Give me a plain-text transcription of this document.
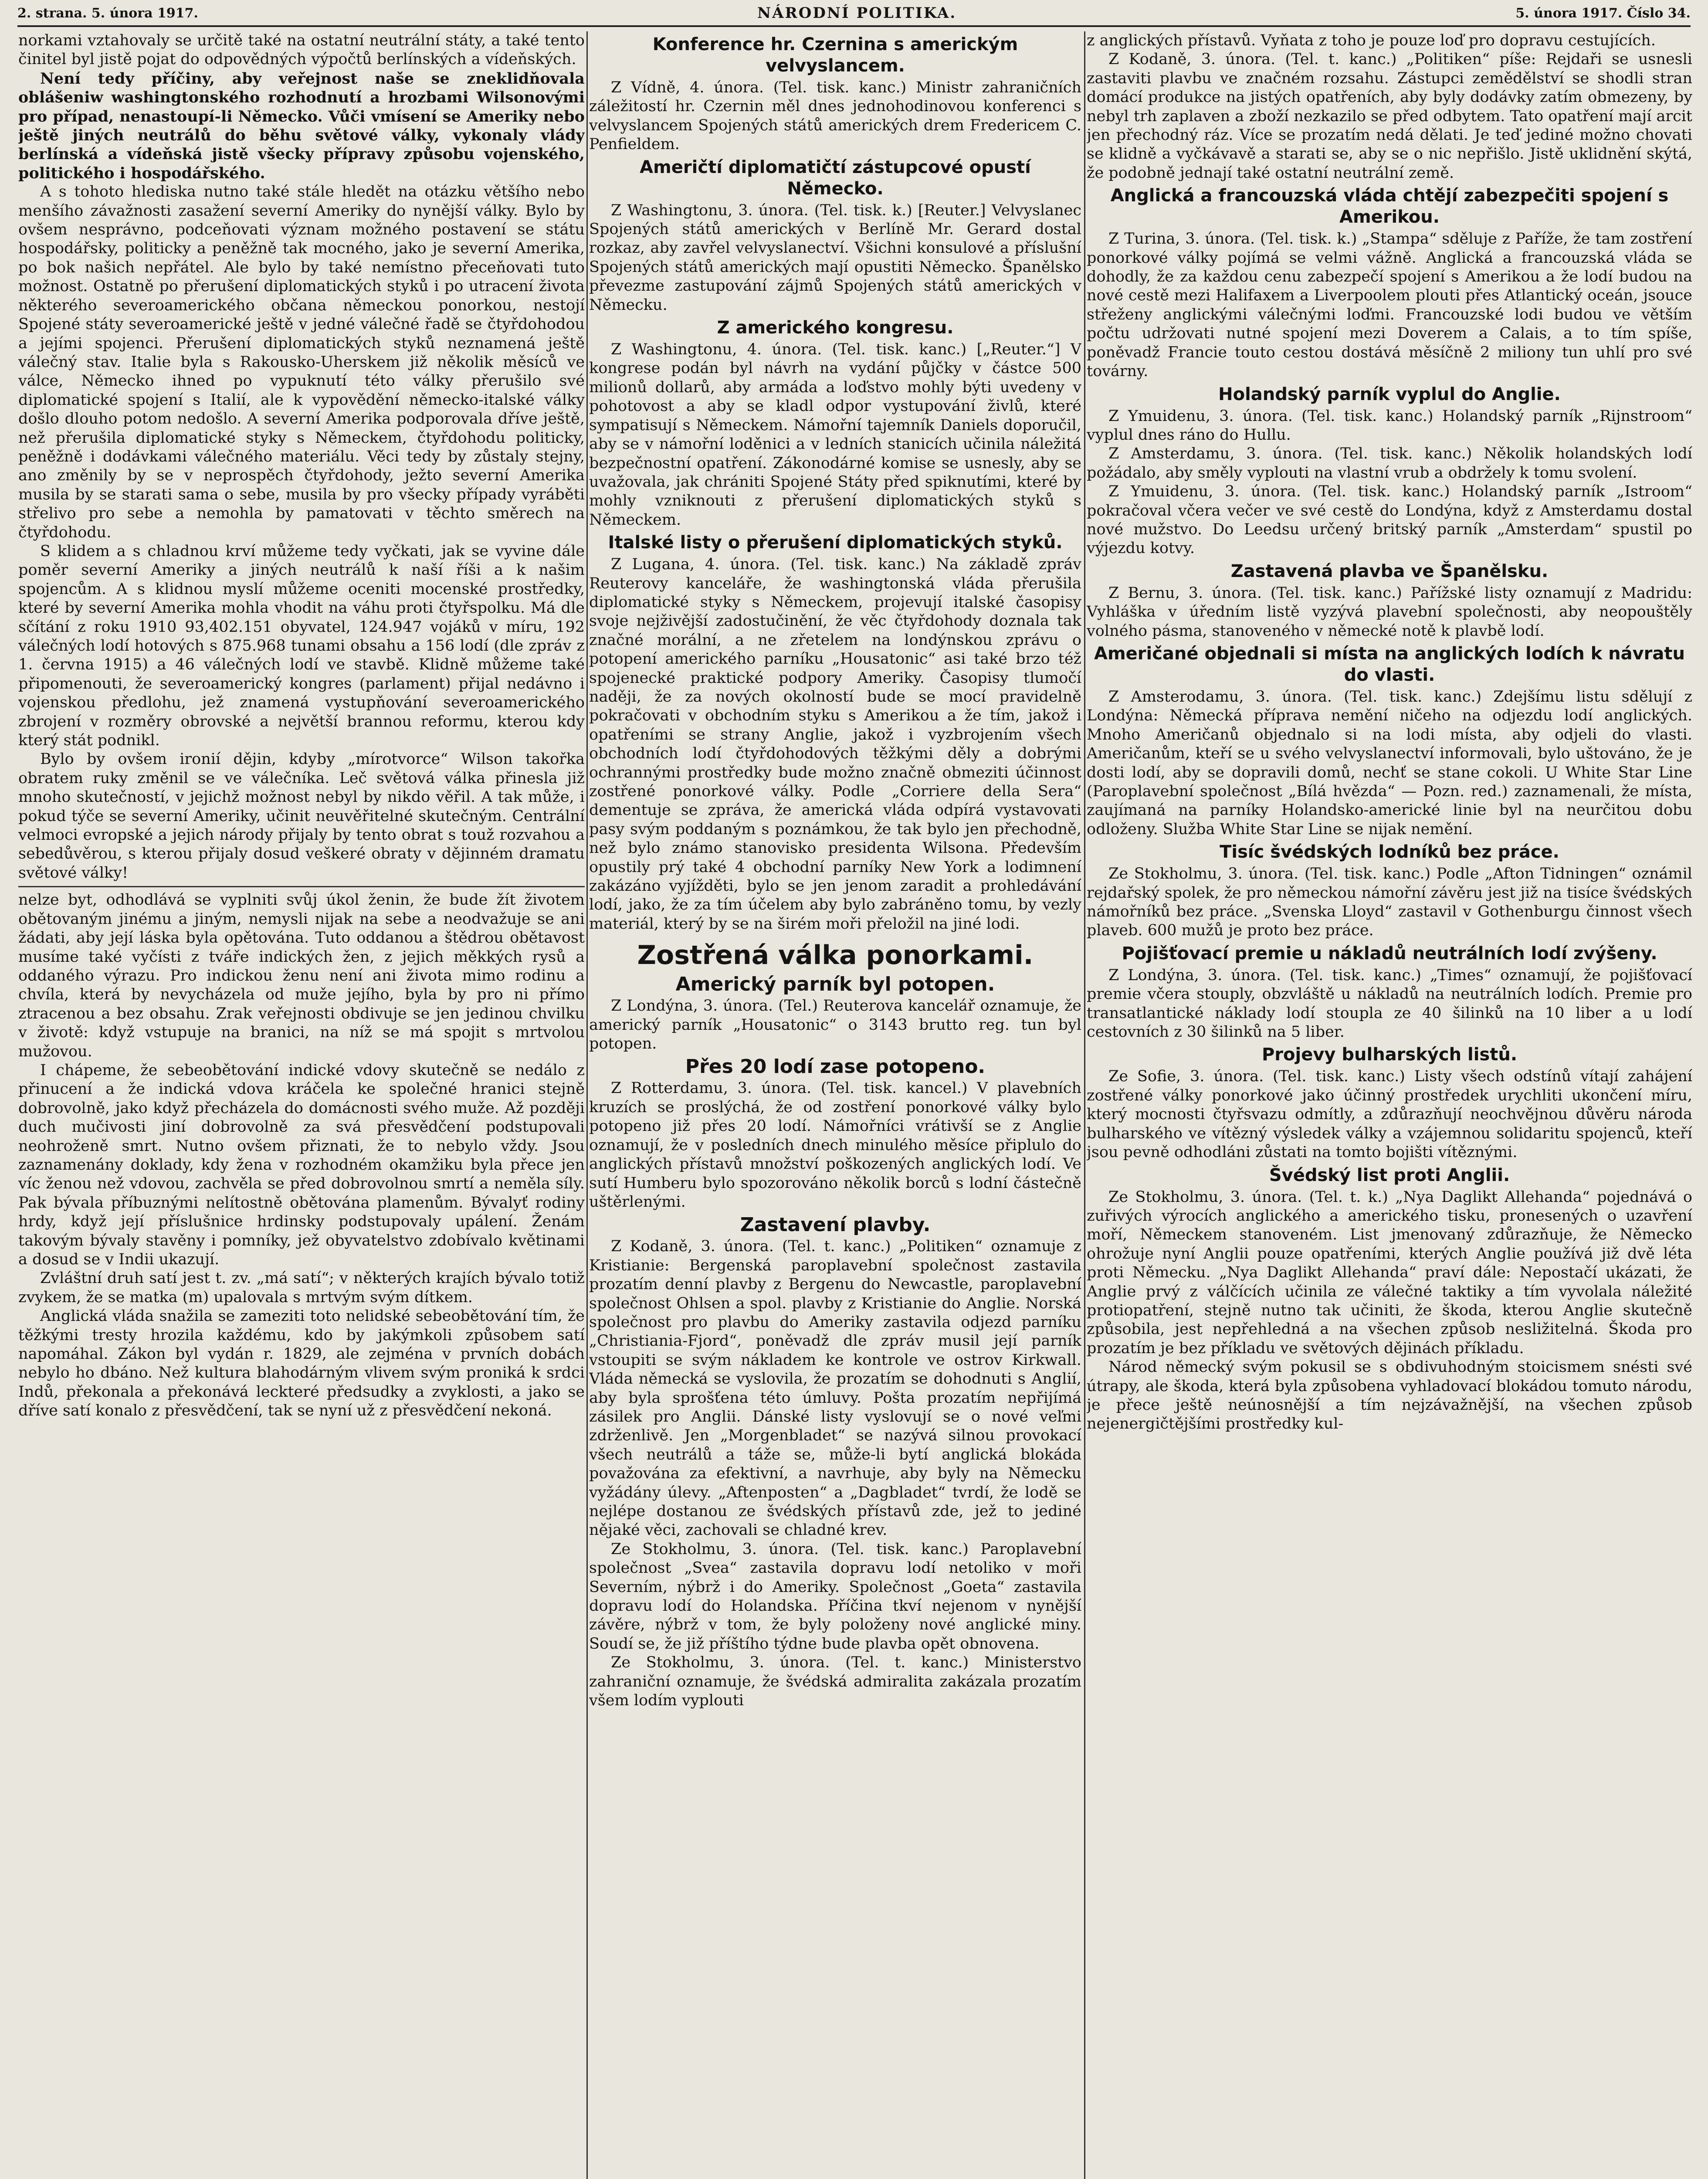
2. strana. 5. února 1917.	NÁRODNÍ POLITIKA.	5. února 1917. Číslo 34.

norkami vztahovaly se určitě také na ostatní neutrální státy, a také tento činitel byl jistě pojat do odpovědných výpočtů berlínských a vídeňských.

Není tedy příčiny, aby veřejnost naše se zneklidňovala oblášeniw washingtonského rozhodnutí a hrozbami Wilsonovými pro případ, nenastoupí-li Německo. Vůči vmísení se Ameriky nebo ještě jiných neutrálů do běhu světové války, vykonaly vlády berlínská a vídeňská jistě všecky přípravy způsobu vojenského, politického i hospodářského.

A s tohoto hlediska nutno také stále hledět na otázku většího nebo menšího závažnosti zasažení severní Ameriky do nynější války. Bylo by ovšem nesprávno, podceňovati význam možného postavení se státu hospodářsky, politicky a peněžně tak mocného, jako je severní Amerika, po bok našich nepřátel. Ale bylo by také nemístno přeceňovati tuto možnost. Ostatně po přerušení diplomatických styků i po utracení života některého severoamerického občana německou ponorkou, nestojí Spojené státy severoamerické ještě v jedné válečné řadě se čtyřdohodou a jejími spojenci. Přerušení diplomatických styků neznamená ještě válečný stav. Italie byla s Rakousko-Uherskem již několik měsíců ve válce, Německo ihned po vypuknutí této války přerušilo své diplomatické spojení s Italií, ale k vypovědění německo-italské války došlo dlouho potom nedošlo. A severní Amerika podporovala dříve ještě, než přerušila diplomatické styky s Německem, čtyřdohodu politicky, peněžně i dodávkami válečného materiálu. Věci tedy by zůstaly stejny, ano změnily by se v neprospěch čtyřdohody, ježto severní Amerika musila by se starati sama o sebe, musila by pro všecky případy vyráběti střelivo pro sebe a nemohla by pamatovati v těchto směrech na čtyřdohodu.

S klidem a s chladnou krví můžeme tedy vyčkati, jak se vyvine dále poměr severní Ameriky a jiných neutrálů k naší říši a k našim spojencům. A s klidnou myslí můžeme oceniti mocenské prostředky, které by severní Amerika mohla vhodit na váhu proti čtyřspolku. Má dle sčítání z roku 1910 93,402.151 obyvatel, 124.947 vojáků v míru, 192 válečných lodí hotových s 875.968 tunami obsahu a 156 lodí (dle zpráv z 1. června 1915) a 46 válečných lodí ve stavbě. Klidně můžeme také připomenouti, že severoamerický kongres (parlament) přijal nedávno i vojenskou předlohu, jež znamená vystupňování severoamerického zbrojení v rozměry obrovské a největší brannou reformu, kterou kdy který stát podnikl.

Bylo by ovšem ironií dějin, kdyby „mírotvorce“ Wilson takořka obratem ruky změnil se ve válečníka. Leč světová válka přinesla již mnoho skutečností, v jejichž možnost nebyl by nikdo věřil. A tak může, i pokud týče se severní Ameriky, učinit neuvěřitelné skutečným. Centrální velmoci evropské a jejich národy přijaly by tento obrat s touž rozvahou a sebedůvěrou, s kterou přijaly dosud veškeré obraty v dějinném dramatu světové války!

nelze byt, odhodlává se vyplniti svůj úkol ženin, že bude žít životem obětovaným jinému a jiným, nemysli nijak na sebe a neodvažuje se ani žádati, aby její láska byla opětována. Tuto oddanou a štědrou obětavost musíme také vyčísti z tváře indických žen, z jejich měkkých rysů a oddaného výrazu. Pro indickou ženu není ani života mimo rodinu a chvíla, která by nevycházela od muže jejího, byla by pro ni přímo ztracenou a bez obsahu. Zrak veřejnosti obdivuje se jen jedinou chvilku v životě: když vstupuje na branici, na níž se má spojit s mrtvolou mužovou.

I chápeme, že sebeobětování indické vdovy skutečně se nedálo z přinucení a že indická vdova kráčela ke společné hranici stejně dobrovolně, jako když přecházela do domácnosti svého muže. Až později duch mučivosti jiní dobrovolně za svá přesvědčení podstupovali neohroženě smrt. Nutno ovšem přiznati, že to nebylo vždy. Jsou zaznamenány doklady, kdy žena v rozhodném okamžiku byla přece jen víc ženou než vdovou, zachvěla se před dobrovolnou smrtí a neměla síly. Pak bývala příbuznými nelítostně obětována plamenům. Bývalyť rodiny hrdy, když její příslušnice hrdinsky podstupovaly upálení. Ženám takovým bývaly stavěny i pomníky, jež obyvatelstvo zdobívalo květinami a dosud se v Indii ukazují.

Zvláštní druh satí jest t. zv. „má satí“; v některých krajích bývalo totiž zvykem, že se matka (m) upalovala s mrtvým svým dítkem.

Anglická vláda snažila se zameziti toto nelidské sebeobětování tím, že těžkými tresty hrozila každému, kdo by jakýmkoli způsobem satí napomáhal. Zákon byl vydán r. 1829, ale zejména v prvních dobách nebylo ho dbáno. Než kultura blahodárným vlivem svým proniká k srdci Indů, překonala a překonává leckteré předsudky a zvyklosti, a jako se dříve satí konalo z přesvědčení, tak se nyní už z přesvědčení nekoná.

Konference hr. Czernina s americkým velvyslancem.

Z Vídně, 4. února. (Tel. tisk. kanc.) Ministr zahraničních záležitostí hr. Czernin měl dnes jednohodinovou konferenci s velvyslancem Spojených států amerických drem Fredericem C. Penfieldem.

Američtí diplomatičtí zástupcové opustí Německo.

Z Washingtonu, 3. února. (Tel. tisk. k.) [Reuter.] Velvyslanec Spojených států amerických v Berlíně Mr. Gerard dostal rozkaz, aby zavřel velvyslanectví. Všichni konsulové a příslušní Spojených států amerických mají opustiti Německo. Španělsko převezme zastupování zájmů Spojených států amerických v Německu.

Z amerického kongresu.

Z Washingtonu, 4. února. (Tel. tisk. kanc.) [„Reuter.“] V kongrese podán byl návrh na vydání půjčky v částce 500 milionů dollarů, aby armáda a loďstvo mohly býti uvedeny v pohotovost a aby se kladl odpor vystupování živlů, které sympatisují s Německem. Námořní tajemník Daniels doporučil, aby se v námořní loděnici a v ledních stanicích učinila náležitá bezpečnostní opatření. Zákonodárné komise se usnesly, aby se uvažovala, jak chrániti Spojené Státy před spiknutími, které by mohly vzniknouti z přerušení diplomatických styků s Německem.

Italské listy o přerušení diplomatických styků.

Z Lugana, 4. února. (Tel. tisk. kanc.) Na základě zpráv Reuterovy kanceláře, že washingtonská vláda přerušila diplomatické styky s Německem, projevují italské časopisy svoje nejživější zadostučinění, že věc čtyřdohody doznala tak značné morální, a ne zřetelem na londýnskou zprávu o potopení amerického parníku „Housatonic“ asi také brzo též spojenecké praktické podpory Ameriky. Časopisy tlumočí naději, že za nových okolností bude se mocí pravidelně pokračovati v obchodním styku s Amerikou a že tím, jakož i opatřeními se strany Anglie, jakož i vyzbrojením všech obchodních lodí čtyřdohodových těžkými děly a dobrými ochrannými prostředky bude možno značně obmeziti účinnost zostřené ponorkové války. Podle „Corriere della Sera“ dementuje se zpráva, že americká vláda odpírá vystavovati pasy svým poddaným s poznámkou, že tak bylo jen přechodně, než bylo známo stanovisko presidenta Wilsona. Především opustily prý také 4 obchodní parníky New York a lodimnení zakázáno vyjížděti, bylo se jen jenom zaradit a prohledávání lodí, jako, že za tím účelem aby bylo zabráněno tomu, by vezly materiál, který by se na širém moři přeložil na jiné lodi.

Zostřená válka ponorkami.
Americký parník byl potopen.

Z Londýna, 3. února. (Tel.) Reuterova kancelář oznamuje, že americký parník „Housatonic“ o 3143 brutto reg. tun byl potopen.

Přes 20 lodí zase potopeno.

Z Rotterdamu, 3. února. (Tel. tisk. kancel.) V plavebních kruzích se proslýchá, že od zostření ponorkové války bylo potopeno již přes 20 lodí. Námořníci vrátivší se z Anglie oznamují, že v posledních dnech minulého měsíce připlulo do anglických přístavů množství poškozených anglických lodí. Ve sutí Humberu bylo spozorováno několik borců s lodní částečně uštěrlenými.

Zastavení plavby.

Z Kodaně, 3. února. (Tel. t. kanc.) „Politiken“ oznamuje z Kristianie: Bergenská paroplavební společnost zastavila prozatím denní plavby z Bergenu do Newcastle, paroplavební společnost Ohlsen a spol. plavby z Kristianie do Anglie. Norská společnost pro plavbu do Ameriky zastavila odjezd parníku „Christiania-Fjord“, poněvadž dle zpráv musil její parník vstoupiti se svým nákladem ke kontrole ve ostrov Kirkwall. Vláda německá se vyslovila, že prozatím se dohodnuti s Anglií, aby byla sprošťena této úmluvy. Pošta prozatím nepřijímá zásilek pro Anglii. Dánské listy vyslovují se o nové veľmi zdrženlivě. Jen „Morgenbladet“ se nazývá silnou provokací všech neutrálů a táže se, může-li bytí anglická blokáda považována za efektivní, a navrhuje, aby byly na Německu vyžádány úlevy. „Aftenposten“ a „Dagbladet“ tvrdí, že lodě se nejlépe dostanou ze švédských přístavů zde, jež to jediné nějaké věci, zachovali se chladné krev.

Ze Stokholmu, 3. února. (Tel. tisk. kanc.) Paroplavební společnost „Svea“ zastavila dopravu lodí netoliko v moři Severním, nýbrž i do Ameriky. Společnost „Goeta“ zastavila dopravu lodí do Holandska. Příčina tkví nejenom v nynější závěre, nýbrž v tom, že byly položeny nové anglické miny. Soudí se, že již příštího týdne bude plavba opět obnovena.

Ze Stokholmu, 3. února. (Tel. t. kanc.) Ministerstvo zahraniční oznamuje, že švédská admiralita zakázala prozatím všem lodím vyplouti

z anglických přístavů. Vyňata z toho je pouze loď pro dopravu cestujících.

Z Kodaně, 3. února. (Tel. t. kanc.) „Politiken“ píše: Rejdaři se usnesli zastaviti plavbu ve značném rozsahu. Zástupci zemědělství se shodli stran domácí produkce na jistých opatřeních, aby byly dodávky zatím obmezeny, by nebyl trh zaplaven a zboží nezkazilo se před odbytem. Tato opatření mají arcit jen přechodný ráz. Více se prozatím nedá dělati. Je teď jediné možno chovati se klidně a vyčkávavě a starati se, aby se o nic nepřišlo. Jistě uklidnění skýtá, že podobně jednají také ostatní neutrální země.

Anglická a francouzská vláda chtějí zabezpečiti spojení s Amerikou.

Z Turina, 3. února. (Tel. tisk. k.) „Stampa“ sděluje z Paříže, že tam zostření ponorkové války pojímá se velmi vážně. Anglická a francouzská vláda se dohodly, že za každou cenu zabezpečí spojení s Amerikou a že lodí budou na nové cestě mezi Halifaxem a Liverpoolem plouti přes Atlantický oceán, jsouce střeženy anglickými válečnými loďmi. Francouzské lodi budou ve větším počtu udržovati nutné spojení mezi Doverem a Calais, a to tím spíše, poněvadž Francie touto cestou dostává měsíčně 2 miliony tun uhlí pro své továrny.

Holandský parník vyplul do Anglie.

Z Ymuidenu, 3. února. (Tel. tisk. kanc.) Holandský parník „Rijnstroom“ vyplul dnes ráno do Hullu.

Z Amsterdamu, 3. února. (Tel. tisk. kanc.) Několik holandských lodí požádalo, aby směly vyplouti na vlastní vrub a obdržely k tomu svolení.

Z Ymuidenu, 3. února. (Tel. tisk. kanc.) Holandský parník „Istroom“ pokračoval včera večer ve své cestě do Londýna, když z Amsterdamu dostal nové mužstvo. Do Leedsu určený britský parník „Amsterdam“ spustil po výjezdu kotvy.

Zastavená plavba ve Španělsku.

Z Bernu, 3. února. (Tel. tisk. kanc.) Pařížské listy oznamují z Madridu: Vyhláška v úředním listě vyzývá plavební společnosti, aby neopouštěly volného pásma, stanoveného v německé notě k plavbě lodí.

Američané objednali si místa na anglických lodích k návratu do vlasti.

Z Amsterodamu, 3. února. (Tel. tisk. kanc.) Zdejšímu listu sdělují z Londýna: Německá příprava nemění ničeho na odjezdu lodí anglických. Mnoho Američanů objednalo si na lodi místa, aby odjeli do vlasti. Američanům, kteří se u svého velvyslanectví informovali, bylo uštováno, že je dosti lodí, aby se dopravili domů, nechť se stane cokoli. U White Star Line (Paroplavební společnost „Bílá hvězda“ — Pozn. red.) zaznamenali, že místa, zaujímaná na parníky Holandsko-americké linie byl na neurčitou dobu odloženy. Služba White Star Line se nijak nemění.

Tisíc švédských lodníků bez práce.

Ze Stokholmu, 3. února. (Tel. tisk. kanc.) Podle „Afton Tidningen“ oznámil rejdařský spolek, že pro německou námořní závěru jest již na tisíce švédských námořníků bez práce. „Svenska Lloyd“ zastavil v Gothenburgu činnost všech plaveb. 600 mužů je proto bez práce.

Pojišťovací premie u nákladů neutrálních lodí zvýšeny.

Z Londýna, 3. února. (Tel. tisk. kanc.) „Times“ oznamují, že pojišťovací premie včera stouply, obzvláště u nákladů na neutrálních lodích. Premie pro transatlantické náklady lodí stoupla ze 40 šilinků na 10 liber a u lodí cestovních z 30 šilinků na 5 liber.

Projevy bulharských listů.

Ze Sofie, 3. února. (Tel. tisk. kanc.) Listy všech odstínů vítají zahájení zostřené války ponorkové jako účinný prostředek urychliti ukončení míru, který mocnosti čtyřsvazu odmítly, a zdůrazňují neochvějnou důvěru národa bulharského ve vítězný výsledek války a vzájemnou solidaritu spojenců, kteří jsou pevně odhodláni zůstati na tomto bojišti vítěznými.

Švédský list proti Anglii.

Ze Stokholmu, 3. února. (Tel. t. k.) „Nya Daglikt Allehanda“ pojednává o zuřivých výrocích anglického a amerického tisku, pronesených o uzavření moří, Německem stanoveném. List jmenovaný zdůrazňuje, že Německo ohrožuje nyní Anglii pouze opatřeními, kterých Anglie používá již dvě léta proti Německu. „Nya Daglikt Allehanda“ praví dále: Nepostačí ukázati, že Anglie prvý z válčících učinila ze válečné taktiky a tím vyvolala náležité protiopatření, stejně nutno tak učiniti, že škoda, kterou Anglie skutečně způsobila, jest nepřehledná a na všechen způsob nesližitelná. Škoda pro prozatím je bez příkladu ve světových dějinách příkladu.

Národ německý svým pokusil se s obdivuhodným stoicismem snésti své útrapy, ale škoda, která byla způsobena vyhladovací blokádou tomuto národu, je přece ještě neúnosnější a tím nejzávažnější, na všechen způsob nejenergičtějšími prostředky kul-
